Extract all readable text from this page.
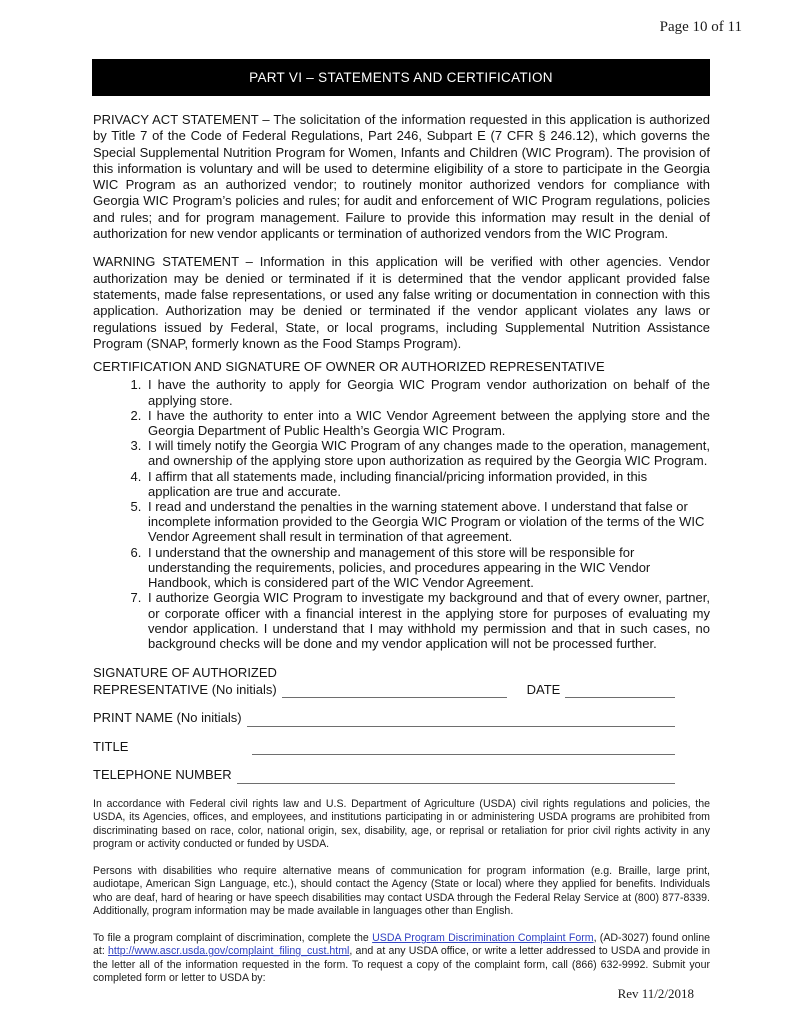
Page 10 of 11
PART VI – STATEMENTS AND CERTIFICATION

PRIVACY ACT STATEMENT – The solicitation of the information requested in this application is authorized by Title 7 of the Code of Federal Regulations, Part 246, Subpart E (7 CFR § 246.12), which governs the Special Supplemental Nutrition Program for Women, Infants and Children (WIC Program). The provision of this information is voluntary and will be used to determine eligibility of a store to participate in the Georgia WIC Program as an authorized vendor; to routinely monitor authorized vendors for compliance with Georgia WIC Program’s policies and rules; for audit and enforcement of WIC Program regulations, policies and rules; and for program management. Failure to provide this information may result in the denial of authorization for new vendor applicants or termination of authorized vendors from the WIC Program.

WARNING STATEMENT – Information in this application will be verified with other agencies. Vendor authorization may be denied or terminated if it is determined that the vendor applicant provided false statements, made false representations, or used any false writing or documentation in connection with this application. Authorization may be denied or terminated if the vendor applicant violates any laws or regulations issued by Federal, State, or local programs, including Supplemental Nutrition Assistance Program (SNAP, formerly known as the Food Stamps Program).

CERTIFICATION AND SIGNATURE OF OWNER OR AUTHORIZED REPRESENTATIVE

1. I have the authority to apply for Georgia WIC Program vendor authorization on behalf of the applying store.
2. I have the authority to enter into a WIC Vendor Agreement between the applying store and the Georgia Department of Public Health’s Georgia WIC Program.
3. I will timely notify the Georgia WIC Program of any changes made to the operation, management, and ownership of the applying store upon authorization as required by the Georgia WIC Program.
4. I affirm that all statements made, including financial/pricing information provided, in this application are true and accurate.
5. I read and understand the penalties in the warning statement above. I understand that false or incomplete information provided to the Georgia WIC Program or violation of the terms of the WIC Vendor Agreement shall result in termination of that agreement.
6. I understand that the ownership and management of this store will be responsible for understanding the requirements, policies, and procedures appearing in the WIC Vendor Handbook, which is considered part of the WIC Vendor Agreement.
7. I authorize Georgia WIC Program to investigate my background and that of every owner, partner, or corporate officer with a financial interest in the applying store for purposes of evaluating my vendor application. I understand that I may withhold my permission and that in such cases, no background checks will be done and my vendor application will not be processed further.
SIGNATURE OF AUTHORIZED
REPRESENTATIVE (No initials)	DATE
PRINT NAME (No initials)
TITLE
TELEPHONE NUMBER

In accordance with Federal civil rights law and U.S. Department of Agriculture (USDA) civil rights regulations and policies, the USDA, its Agencies, offices, and employees, and institutions participating in or administering USDA programs are prohibited from discriminating based on race, color, national origin, sex, disability, age, or reprisal or retaliation for prior civil rights activity in any program or activity conducted or funded by USDA.

Persons with disabilities who require alternative means of communication for program information (e.g. Braille, large print, audiotape, American Sign Language, etc.), should contact the Agency (State or local) where they applied for benefits. Individuals who are deaf, hard of hearing or have speech disabilities may contact USDA through the Federal Relay Service at (800) 877-8339. Additionally, program information may be made available in languages other than English.

To file a program complaint of discrimination, complete the USDA Program Discrimination Complaint Form, (AD-3027) found online at: http://www.ascr.usda.gov/complaint_filing_cust.html, and at any USDA office, or write a letter addressed to USDA and provide in the letter all of the information requested in the form. To request a copy of the complaint form, call (866) 632-9992. Submit your completed form or letter to USDA by:

Rev 11/2/2018
